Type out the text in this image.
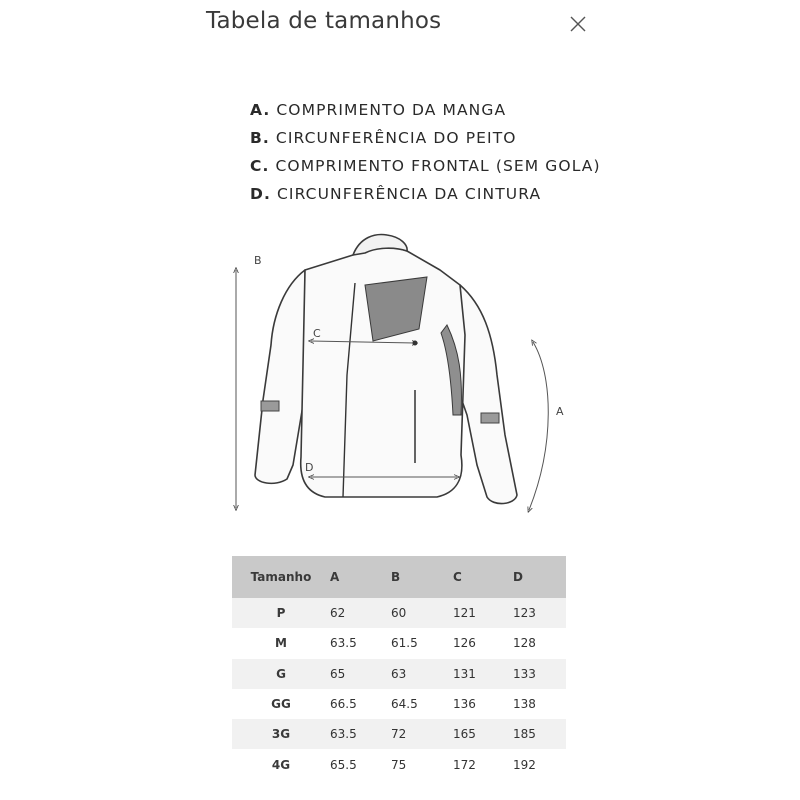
Tabela de tamanhos
A. COMPRIMENTO DA MANGA
B. CIRCUNFERÊNCIA DO PEITO
C. COMPRIMENTO FRONTAL (SEM GOLA)
D. CIRCUNFERÊNCIA DA CINTURA
B
C
D
A
Tamanho	A	B	C	D
P	62	60	121	123
M	63.5	61.5	126	128
G	65	63	131	133
GG	66.5	64.5	136	138
3G	63.5	72	165	185
4G	65.5	75	172	192
